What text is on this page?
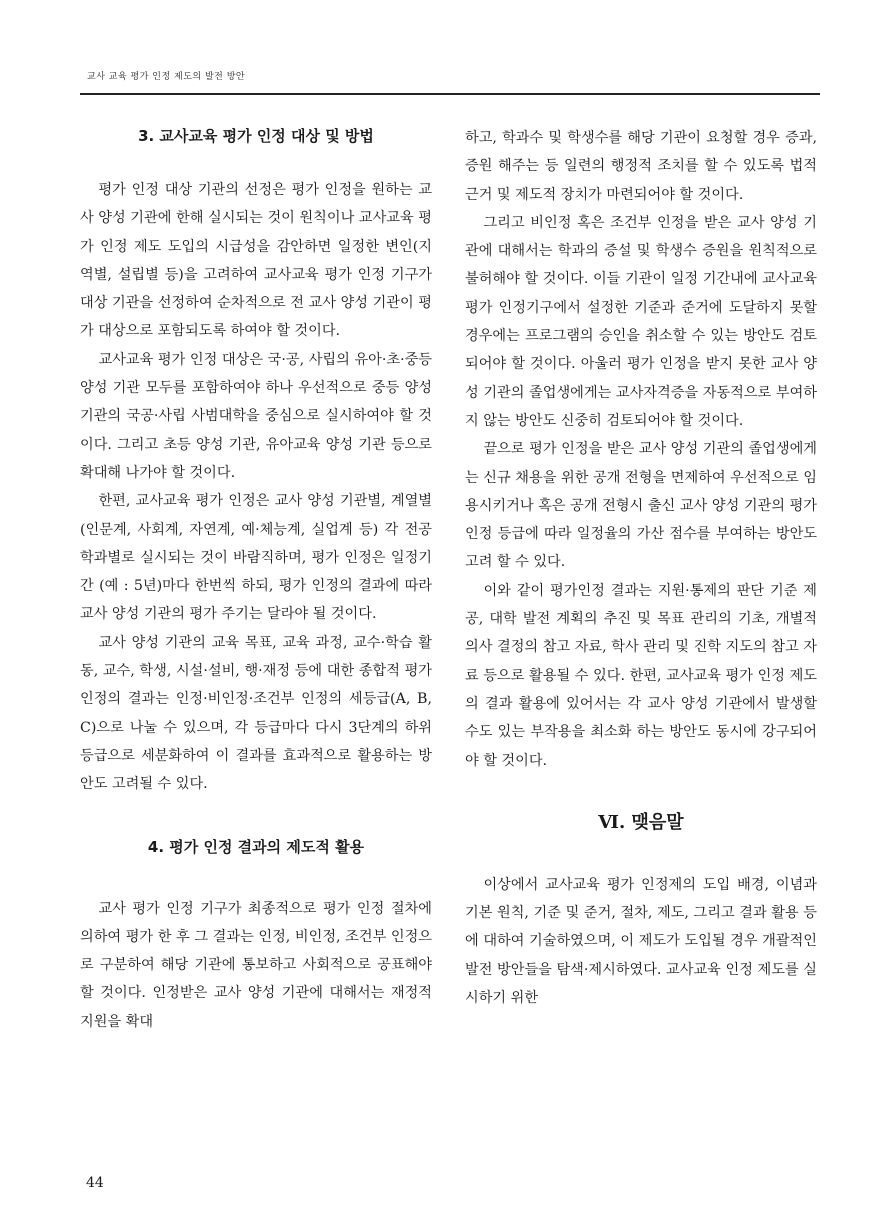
교사 교육 평가 인정 제도의 발전 방안
3. 교사교육 평가 인정 대상 및 방법

평가 인정 대상 기관의 선정은 평가 인정을 원하는 교사 양성 기관에 한해 실시되는 것이 원칙이나 교사교육 평가 인정 제도 도입의 시급성을 감안하면 일정한 변인(지역별, 설립별 등)을 고려하여 교사교육 평가 인정 기구가 대상 기관을 선정하여 순차적으로 전 교사 양성 기관이 평가 대상으로 포함되도록 하여야 할 것이다.

교사교육 평가 인정 대상은 국·공, 사립의 유아·초·중등 양성 기관 모두를 포함하여야 하나 우선적으로 중등 양성 기관의 국공·사립 사범대학을 중심으로 실시하여야 할 것이다. 그리고 초등 양성 기관, 유아교육 양성 기관 등으로 확대해 나가야 할 것이다.

한편, 교사교육 평가 인정은 교사 양성 기관별, 계열별(인문계, 사회계, 자연계, 예·체능계, 실업계 등) 각 전공학과별로 실시되는 것이 바람직하며, 평가 인정은 일정기간 (예 : 5년)마다 한번씩 하되, 평가 인정의 결과에 따라 교사 양성 기관의 평가 주기는 달라야 될 것이다.

교사 양성 기관의 교육 목표, 교육 과정, 교수·학습 활동, 교수, 학생, 시설·설비, 행·재정 등에 대한 종합적 평가 인정의 결과는 인정·비인정·조건부 인정의 세등급(A, B, C)으로 나눌 수 있으며, 각 등급마다 다시 3단계의 하위 등급으로 세분화하여 이 결과를 효과적으로 활용하는 방안도 고려될 수 있다.

4. 평가 인정 결과의 제도적 활용

교사 평가 인정 기구가 최종적으로 평가 인정 절차에 의하여 평가 한 후 그 결과는 인정, 비인정, 조건부 인정으로 구분하여 해당 기관에 통보하고 사회적으로 공표해야 할 것이다. 인정받은 교사 양성 기관에 대해서는 재정적 지원을 확대

하고, 학과수 및 학생수를 해당 기관이 요청할 경우 증과, 증원 해주는 등 일련의 행정적 조치를 할 수 있도록 법적 근거 및 제도적 장치가 마련되어야 할 것이다.

그리고 비인정 혹은 조건부 인정을 받은 교사 양성 기관에 대해서는 학과의 증설 및 학생수 증원을 원칙적으로 불허해야 할 것이다. 이들 기관이 일정 기간내에 교사교육 평가 인정기구에서 설정한 기준과 준거에 도달하지 못할 경우에는 프로그램의 승인을 취소할 수 있는 방안도 검토되어야 할 것이다. 아울러 평가 인정을 받지 못한 교사 양성 기관의 졸업생에게는 교사자격증을 자동적으로 부여하지 않는 방안도 신중히 검토되어야 할 것이다.

끝으로 평가 인정을 받은 교사 양성 기관의 졸업생에게는 신규 채용을 위한 공개 전형을 면제하여 우선적으로 임용시키거나 혹은 공개 전형시 출신 교사 양성 기관의 평가 인정 등급에 따라 일정율의 가산 점수를 부여하는 방안도 고려 할 수 있다.

이와 같이 평가인정 결과는 지원·통제의 판단 기준 제공, 대학 발전 계획의 추진 및 목표 관리의 기초, 개별적 의사 결정의 참고 자료, 학사 관리 및 진학 지도의 참고 자료 등으로 활용될 수 있다. 한편, 교사교육 평가 인정 제도의 결과 활용에 있어서는 각 교사 양성 기관에서 발생할 수도 있는 부작용을 최소화 하는 방안도 동시에 강구되어야 할 것이다.

Ⅵ. 맺음말

이상에서 교사교육 평가 인정제의 도입 배경, 이념과 기본 원칙, 기준 및 준거, 절차, 제도, 그리고 결과 활용 등에 대하여 기술하였으며, 이 제도가 도입될 경우 개괄적인 발전 방안들을 탐색·제시하였다. 교사교육 인정 제도를 실시하기 위한

44
